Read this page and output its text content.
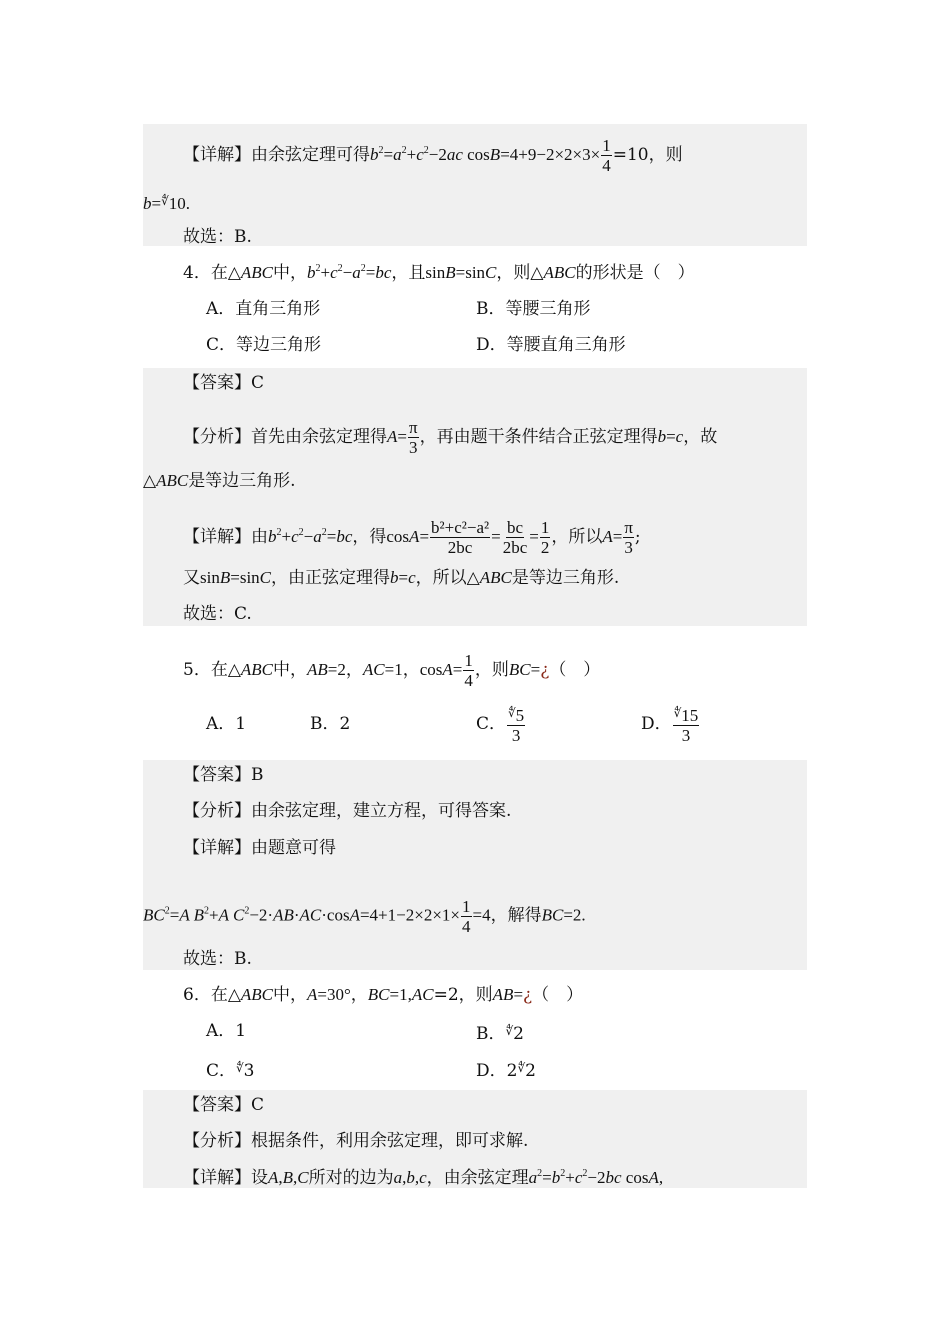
【详解】由余弦定理可得$b^2=a^2+c^2-2ac$ $\cos B=4+9-2\times 2\times 3\times \frac{1}{4} =10$，则
b=∜10.
故选：B.
4．在△ABC中，$b^2+c^2-a^2=bc$，且sinB=sinC，则△ABC的形状是（　）
A．直角三角形	B．等腰三角形
C．等边三角形	D．等腰直角三角形
【答案】C
【分析】首先由余弦定理得$A= \frac{\pi}{3}$ ，再由题干条件结合正弦定理得b=c，故
△ABC是等边三角形.
【详解】由$b^2+c^2-a^2=bc$，得$\cos A= \frac{\text{b²+c²−a²}}{2bc} = \frac{bc}{2bc} = \frac{1}{2}$ ，所以$A= \frac{\pi}{3}$ ;
又sinB=sinC，由正弦定理得b=c，所以△ABC是等边三角形.
故选：C.
5．在△ABC中，AB=2，AC=1，$\cos A= \frac{1}{4}$ ，则BC=¿（　）
A．1	B．2	C． $\frac{^∜5}{3}$	D． $\frac{^∜15}{3}$
【答案】B
【分析】由余弦定理，建立方程，可得答案.
【详解】由题意可得
$BC^2=A$ $B^2+A$ $C^2-2\cdot AB\cdot AC\cdot\cos A=4+1-2\times 2\times 1\times \frac{1}{4} =4$，解得BC=2.
故选：B.
6．在△ABC中，A=30°，BC=1,AC=2，则AB=¿（　）
A．1	B．∜2
C．∜3	D．2∜2
【答案】C
【分析】根据条件，利用余弦定理，即可求解.
【详解】设A,B,C所对的边为a,b,c，由余弦定理$a^2=b^2+c^2-2bc$ cosA,
